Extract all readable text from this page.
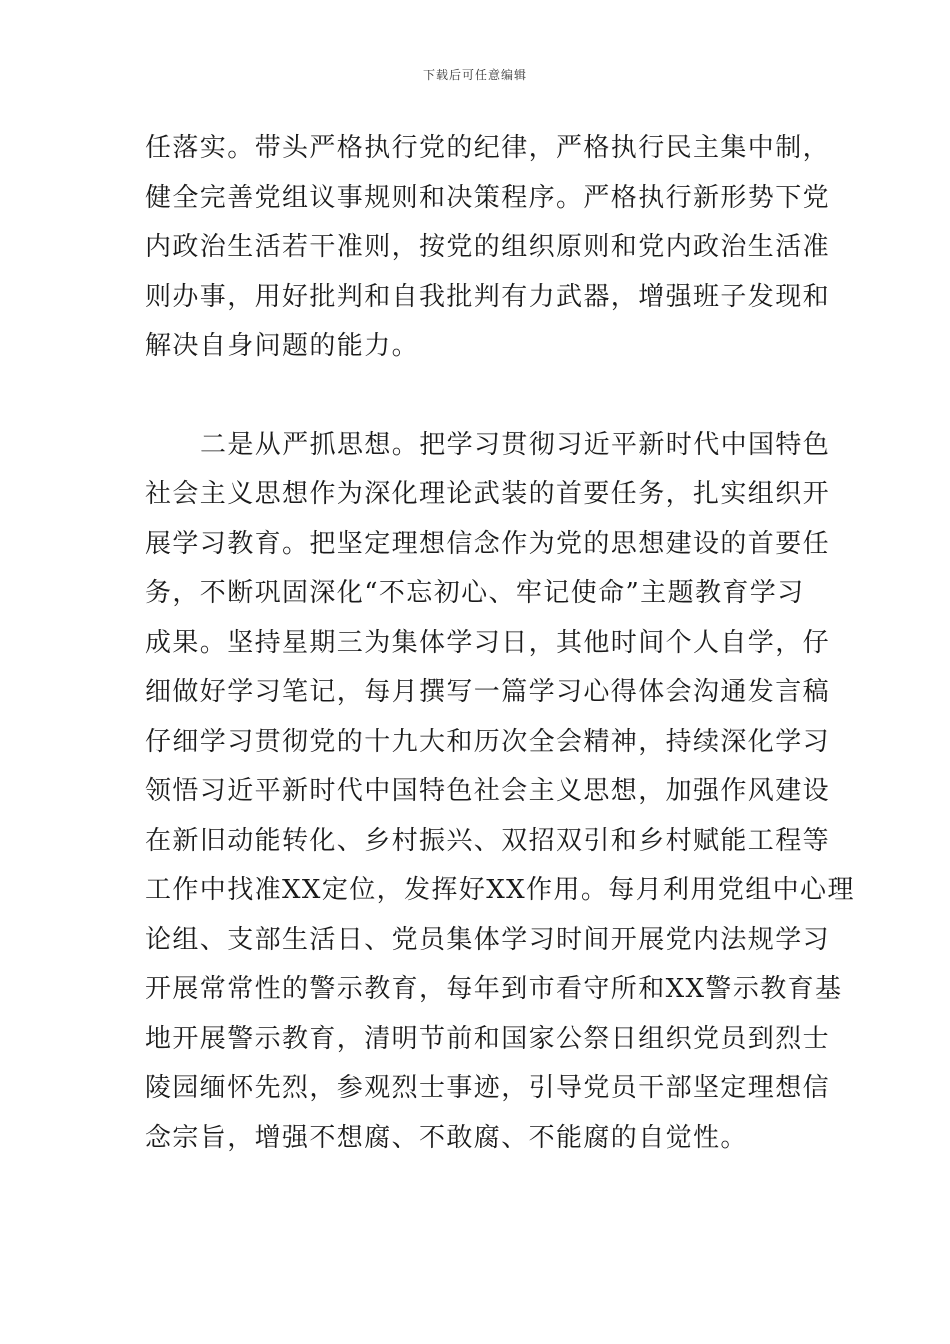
下载后可任意编辑
任落实。带头严格执行党的纪律，严格执行民主集中制，
健全完善党组议事规则和决策程序。严格执行新形势下党
内政治生活若干准则，按党的组织原则和党内政治生活准
则办事，用好批判和自我批判有力武器，增强班子发现和
解决自身问题的能力。
二是从严抓思想。把学习贯彻习近平新时代中国特色
社会主义思想作为深化理论武装的首要任务，扎实组织开
展学习教育。把坚定理想信念作为党的思想建设的首要任
务，不断巩固深化“不忘初心、牢记使命”主题教育学习
成果。坚持星期三为集体学习日，其他时间个人自学，仔
细做好学习笔记，每月撰写一篇学习心得体会沟通发言稿
仔细学习贯彻党的十九大和历次全会精神，持续深化学习
领悟习近平新时代中国特色社会主义思想，加强作风建设
在新旧动能转化、乡村振兴、双招双引和乡村赋能工程等
工作中找准XX定位，发挥好XX作用。每月利用党组中心理
论组、支部生活日、党员集体学习时间开展党内法规学习
开展常常性的警示教育，每年到市看守所和XX警示教育基
地开展警示教育，清明节前和国家公祭日组织党员到烈士
陵园缅怀先烈，参观烈士事迹，引导党员干部坚定理想信
念宗旨，增强不想腐、不敢腐、不能腐的自觉性。
